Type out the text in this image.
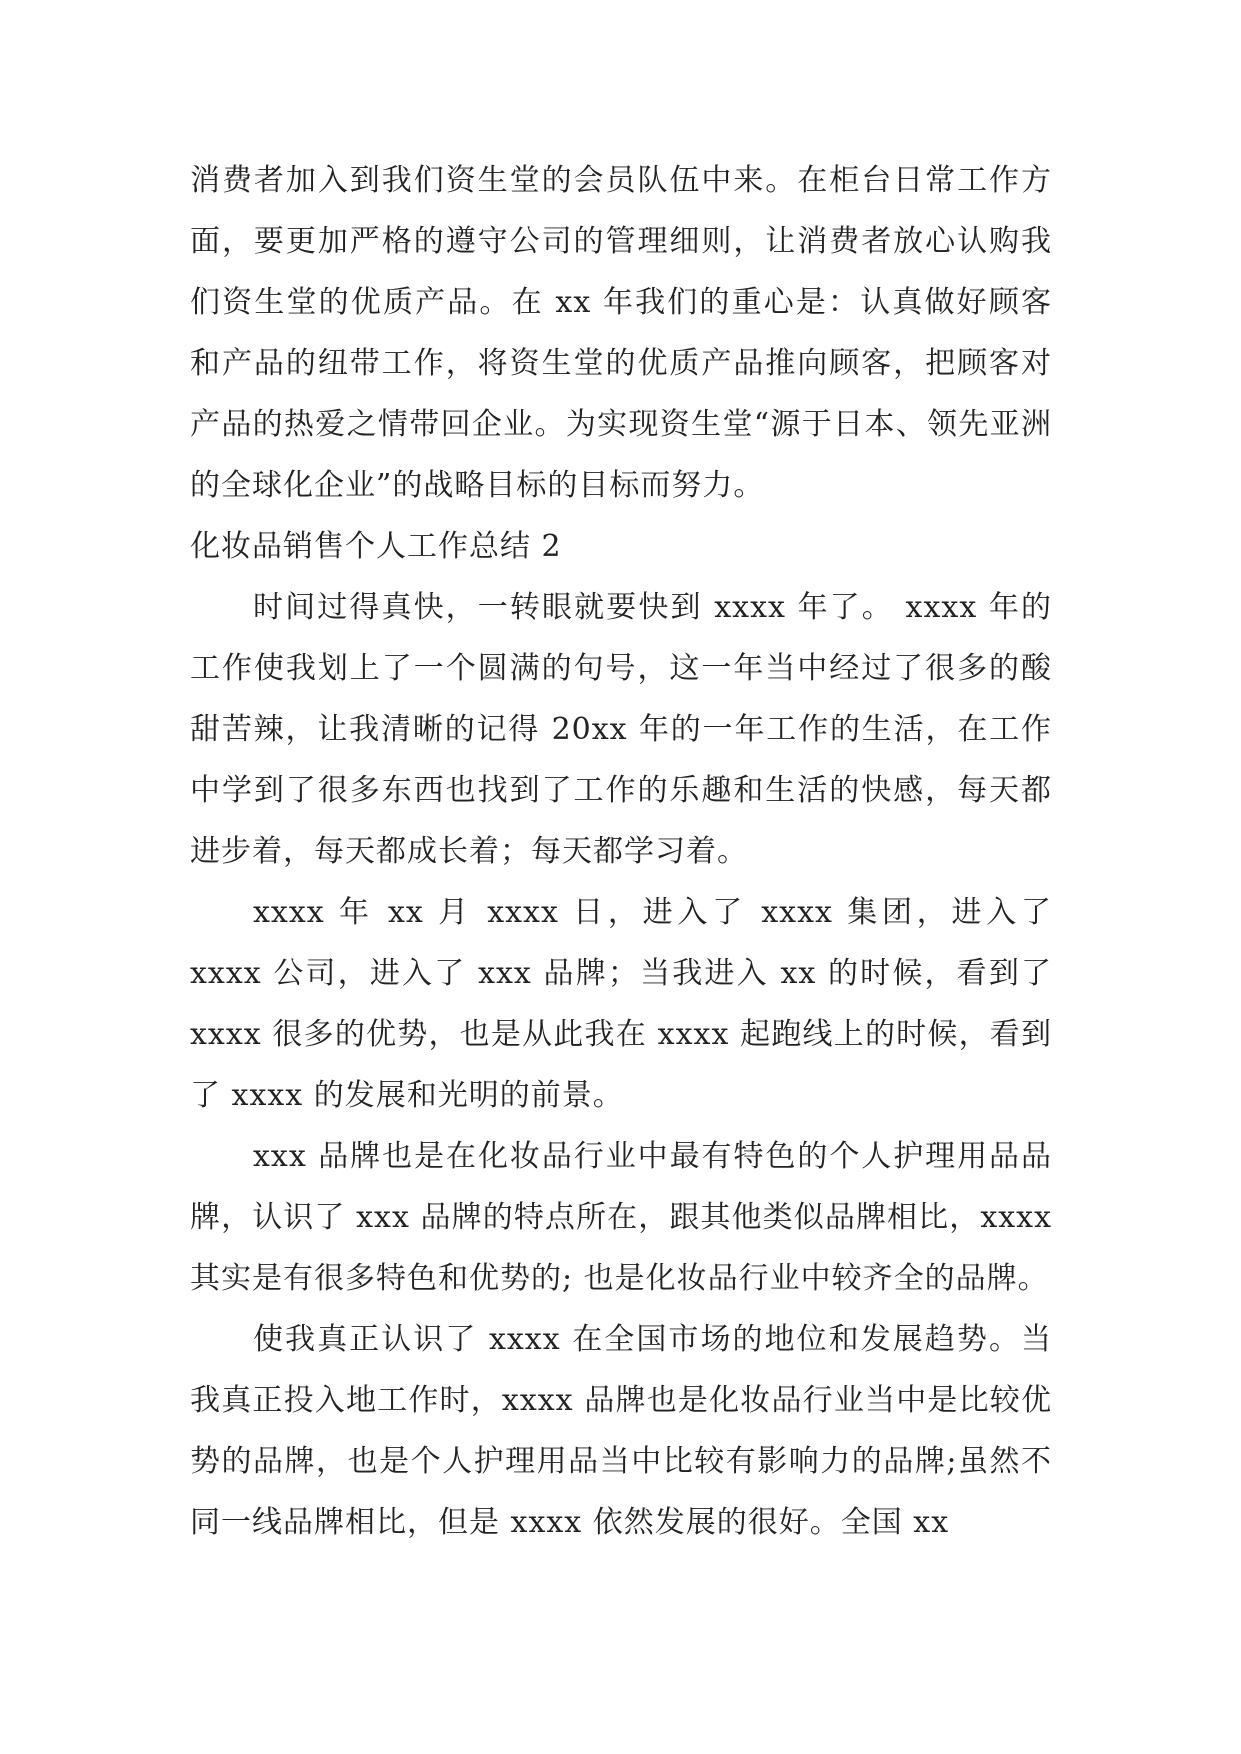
消费者加入到我们资生堂的会员队伍中来。在柜台日常工作方面，要更加严格的遵守公司的管理细则，让消费者放心认购我们资生堂的优质产品。在 xx 年我们的重心是：认真做好顾客和产品的纽带工作，将资生堂的优质产品推向顾客，把顾客对产品的热爱之情带回企业。为实现资生堂“源于日本、领先亚洲的全球化企业”的战略目标的目标而努力。

化妆品销售个人工作总结 2

时间过得真快，一转眼就要快到 xxxx 年了。 xxxx 年的工作使我划上了一个圆满的句号，这一年当中经过了很多的酸甜苦辣，让我清晰的记得 20xx 年的一年工作的生活，在工作中学到了很多东西也找到了工作的乐趣和生活的快感，每天都进步着，每天都成长着；每天都学习着。

xxxx 年 xx 月 xxxx 日，进入了 xxxx 集团，进入了 xxxx 公司，进入了 xxx 品牌；当我进入 xx 的时候，看到了 xxxx 很多的优势，也是从此我在 xxxx 起跑线上的时候，看到了 xxxx 的发展和光明的前景。

xxx 品牌也是在化妆品行业中最有特色的个人护理用品品牌，认识了 xxx 品牌的特点所在，跟其他类似品牌相比，xxxx 其实是有很多特色和优势的; 也是化妆品行业中较齐全的品牌。

使我真正认识了 xxxx 在全国市场的地位和发展趋势。当我真正投入地工作时，xxxx 品牌也是化妆品行业当中是比较优势的品牌，也是个人护理用品当中比较有影响力的品牌;虽然不同一线品牌相比，但是 xxxx 依然发展的很好。全国 xx
